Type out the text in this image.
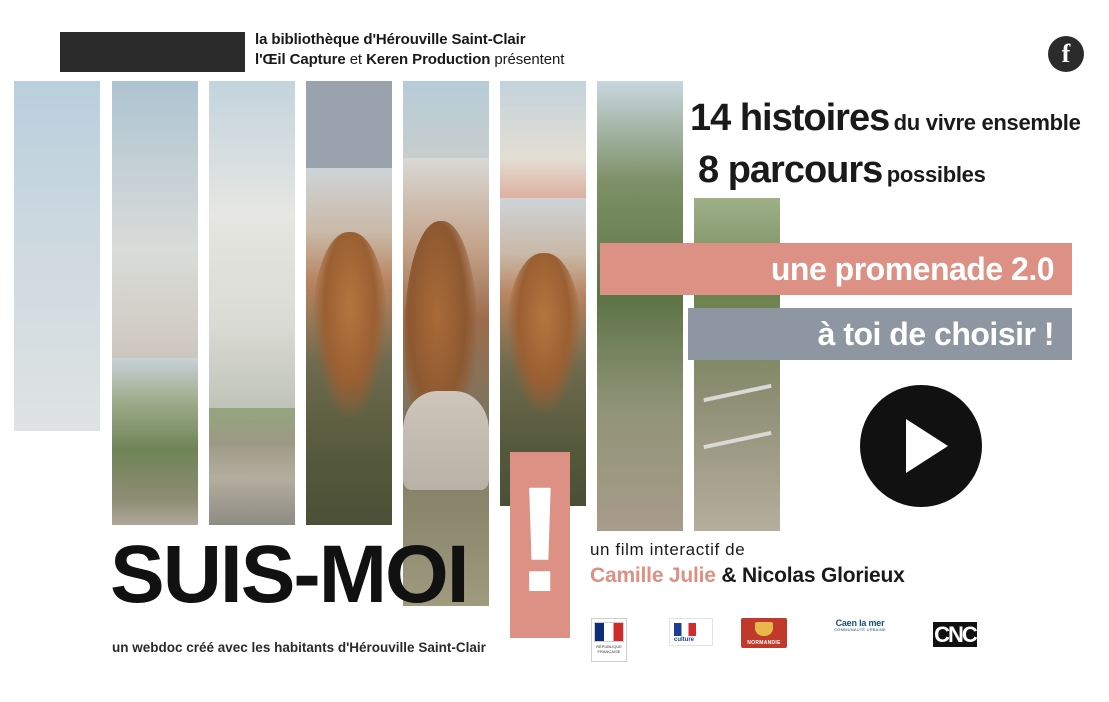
la bibliothèque d'Hérouville Saint-Clair
l'Œil Capture et Keren Production présentent	f
!
SUIS-MOI
un webdoc créé avec les habitants d'Hérouville Saint-Clair
14 histoires du vivre ensemble
8 parcours possibles
une promenade 2.0
à toi de choisir !
un film interactif de
Camille Julie & Nicolas Glorieux
RÉPUBLIQUE FRANÇAISE
culture	NORMANDIE
Caen la mer
COMMUNAUTÉ URBAINE	CNC
